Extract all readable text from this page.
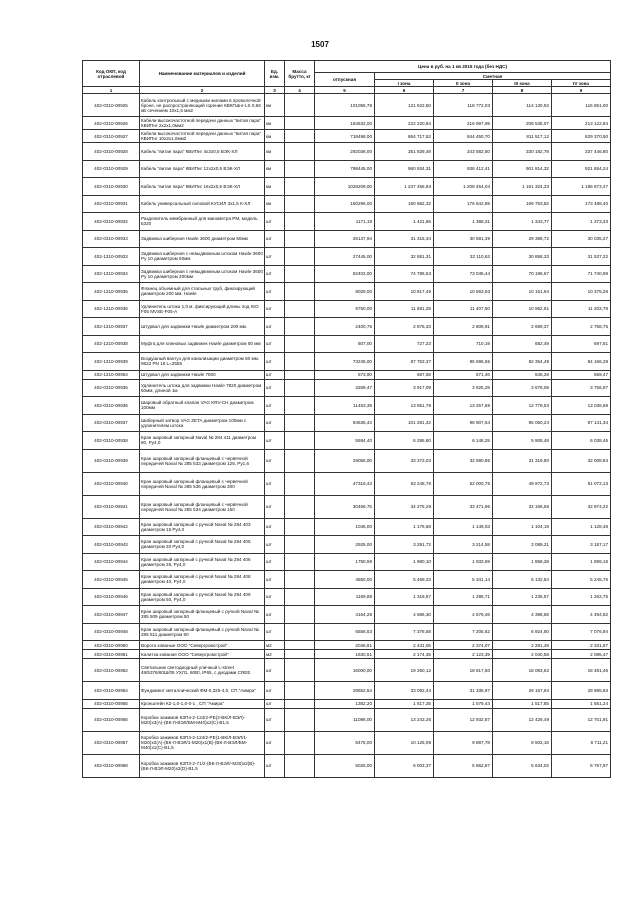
1507
Код ОКП, код отраслевой	Наименование материалов и изделий	Ед. изм.	Масса брутто, кг	Цена в руб. на 1 кв 2015 года (без НДС)				
				отпускная	Сметная			
					I зона	II зона	III зона	IV зона
1	2	3	4	5	6	7	8	9
402-0310-00925	Кабель контрольный с медными жилами в проволочной броне, не распространяющий горение КВКГШнг-LS 0,66 кВ сечением 10х1,5 мм2	км		101055,78	121 622,50	118 772,03	114 130,92	116 851,00
402-0310-00926	Кабели высокочастотной передачи данных "витая пара" КВИПнг 2х2х1,0мм2	км		184632,00	222 220,84	216 997,99	208 535,07	213 122,84
402-0310-00927	Кабели высокочастотной передачи данных "витая пара" КВИПнг 10х2х1,0мм2	км		718498,00	864 717,52	844 450,70	811 517,12	829 370,50
402-0310-00928	Кабель "витая пара" КВИПнг 4х2х0,5 ВЭК-ХЛ	км		292036,00	351 828,48	343 582,50	330 182,78	337 446,80
402-0310-00929	Кабель "витая пара" КВИПнг 12х2х0,5 ВЭК-ХЛ	км		798445,00	960 934,31	938 412,41	901 814,32	921 654,24
402-0310-00930	Кабель "витая пара" КВИПнг 16х2х0,5 ВЭК-ХЛ	км		1028209,00	1 237 456,93	1 208 454,04	1 161 324,33	1 186 873,47
402-0310-00931	Кабель универсальный силовой КУСИЛ 3х1,5 К-ХЛ	км		150296,00	180 882,32	176 642,89	169 753,82	173 488,40
402-0310-00932	Разделитель мембранный для манометра РМ, модель 5320	шт		1171,19	1 421,86	1 388,31	1 343,77	1 373,33
402-0310-00933	Задвижка шиберная Hawle 3600 диаметром 50мм	шт		26137,94	31 315,34	30 581,39	29 388,72	30 035,27
402-1310-00933	Задвижка шиберная с невыдвижным штоком Hawle 3600 Ру 10 диаметром 50мм	шт		27445,00	32 881,31	32 110,63	30 858,33	31 537,22
402-1310-00934	Задвижка шиберная с невыдвижным штоком Hawle 3600 Ру 10 диаметром 200мм	шт		62402,00	74 786,53	73 045,44	70 196,67	71 740,99
402-1310-00935	Фланец объемный для стальных труб, фиксирующий диаметром 200 мм. Hawle	шт		8029,00	10 817,45	10 563,93	10 151,94	10 375,28
402-1310-00936	Удлинитель штока 1,0 м. фиксирующий длины под ISO F05 MVSE-F05-A	шт		9750,00	11 681,28	11 407,50	10 962,61	11 203,78
402-1310-00937	Штурвал для задвижки Hawle диаметром 200 мм.	шт		2400,76	2 876,33	2 808,91	2 699,37	2 758,75
402-1310-00938	Муфта для клиновых задвижек Hawle диаметром 50 мм	шт		607,00	727,23	710,19	682,49	697,51
402-1310-00939	Воздушный вантуз для канализации диаметром 50 мм. 9822 PN 16 L=2555	шт		73245,00	87 753,37	85 696,65	82 354,49	84 166,29
402-1310-00954	Штурвал для задвижки Hawle 7800	шт		573,90	687,58	671,46	645,28	659,47
402-0310-00935	Удлинитель штока для задвижки Hawle 7820 диаметром 50мм, длиной 1м	шт		3269,47	3 917,09	3 825,28	3 676,09	3 756,97
402-0310-00936	Шаровый обратный клапан VAG KRV-CH диаметром 100мм	шт		11453,39	13 651,78	13 257,68	12 779,53	13 036,68
402-0310-00937	Шиберный затвор VAG ZETA диаметром 100мм с удлинителем штока	шт		84536,44	101 281,42	98 907,64	95 050,24	97 141,34
402-0310-00938	Кран шаровый запорный Naval № 284 411 диаметром 80, Ру4,0	шт		5594,40	6 295,80	6 148,25	5 908,48	6 038,46
402-0310-00939	Кран шаровый запорный фланцевый с червячной передачей Naval № 285 533 диаметром 125, Ру1,6	шт		29055,00	33 373,03	32 590,85	31 319,80	32 008,84
402-0310-00940	Кран шаровый запорный фланцевый с червячной передачей Naval № 285 536 диаметром 200	шт		47316,43	53 248,76	52 000,76	49 972,73	51 072,13
402-0310-00941	Кран шаровый запорный фланцевый с червячной передачей Naval № 285 534 диаметром 150	шт		30466,76	34 275,29	33 471,96	32 166,56	32 874,22
402-0310-00942	Кран шаровый запорный с ручкой Naval № 284 403 диаметром 15 Ру4,0	шт		1045,00	1 176,58	1 149,03	1 104,19	1 128,48
402-0310-00943	Кран шаровый запорный с ручкой Naval № 284 405 диаметром 20 Ру4,0	шт		2925,00	3 291,72	3 214,58	3 089,21	3 157,17
402-0310-00944	Кран шаровый запорный с ручкой Naval № 284 406 диаметром 25, Ру4,0	шт		1750,59	1 980,10	1 933,69	1 858,28	1 899,16
402-0310-00945	Кран шаровый запорный с ручкой Naval № 284 408 диаметром 40, Ру4,0	шт		4860,00	5 469,33	5 341,14	5 132,84	5 245,76
402-0310-00946	Кран шаровый запорный с ручкой Naval № 284 409 диаметром 50, Ру4,0	шт		1169,88	1 316,57	1 285,71	1 235,57	1 262,75
402-0310-00947	Кран шаровый запорный фланцевый с ручкой Naval № 285 509 диаметром 50	шт		4164,28	4 686,30	4 576,46	4 398,56	4 494,82
402-0310-00948	Кран шаровый запорный фланцевый с ручкой Naval № 285 511 диаметром 80	шт		6556,53	7 378,58	7 205,62	6 924,60	7 076,94
402-0310-00950	Ворота кованые ООО "Севергромстрой"	м2		2046,61	2 431,05	2 374,07	2 281,48	2 331,67
402-0310-00951	Калитка кованая ООО "Севергромстрой"	м2		1830,51	2 174,35	2 123,39	2 040,58	2 085,47
402-0310-00952	Светильник светодиодный уличный L-street 48/5376/60Ш/05 УХЛ1, 60Вт, IP65, с диодами CREE	шт		16000,00	19 260,12	18 817,50	18 083,62	18 481,46
402-0310-00954	Фундамент металлический ФМ-0,325-4,0, СП "Амира"	шт		28652,54	33 092,44	31 335,97	29 167,94	29 965,93
402-0310-00955	Кронштейн К2-1,0-1,0-0-1 , СП "Амира"	шт		1382,20	1 617,35	1 579,44	1 517,85	1 551,24
402-0310-00956	Коробка зажимов КЗП4-2-124/2-РЕ(2-ВК/Л-ВЭЛ)-М20)х3(А)-(ВК-Л-ВЭЛ/БМ-М40)х2(С)-В1,5	шт		11086,00	13 243,26	12 932,87	12 428,49	12 701,91
402-0310-00957	Коробка зажимов КЗП4-2-124/2-РЕ(1-ВК/Л-ВЭЛ/1-М20)х2(А)-(ВК-Л-ВЭЛ/1-М20)х1(В)-(ВК-Л-ВЭЛ/БМ-М40)х1(С)-В1,5	шт		8475,00	10 125,09	9 887,78	9 502,16	9 711,21
402-0310-00958	Коробка зажимов КЗП3-2-71/2-(ВК-Л-ВЭЛ/-М20)х2(В)-(ВК-Л-ВЭЛ-М20)х2(D)-В1,5	шт		5025,00	6 003,37	5 862,67	5 634,02	5 757,97
